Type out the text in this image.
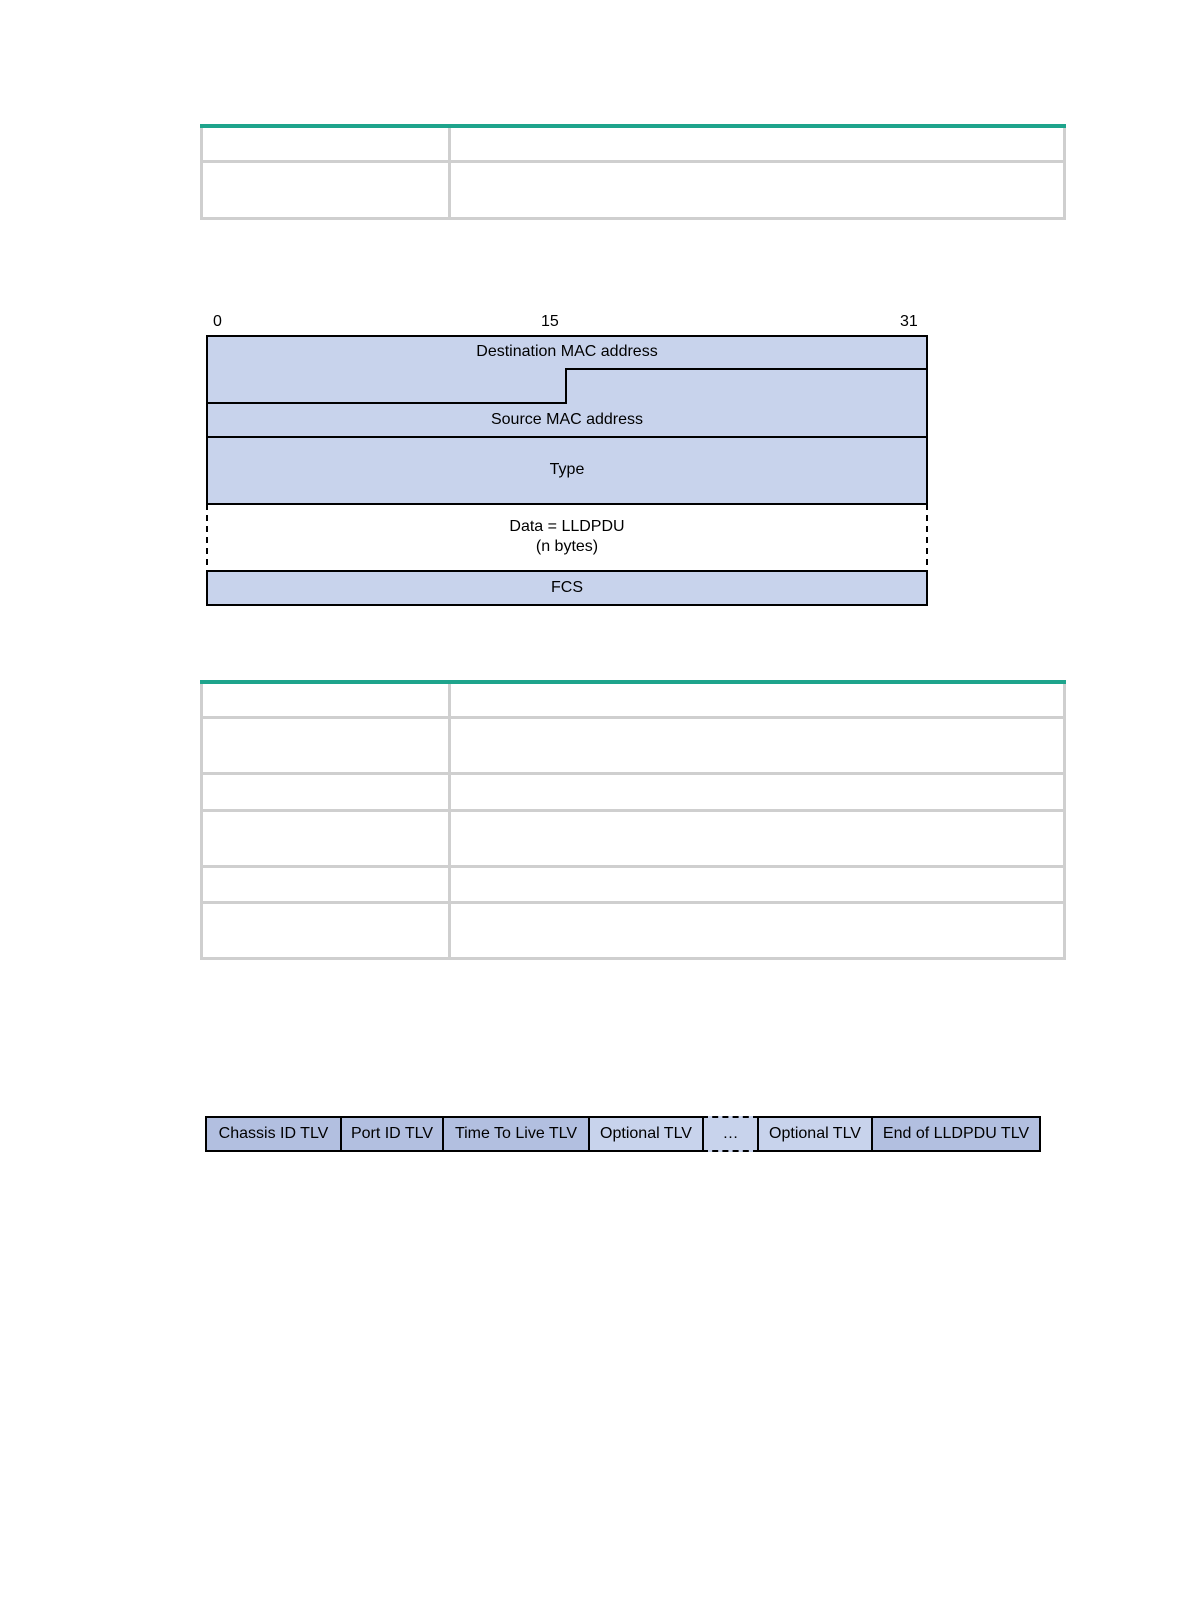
0	15	31
Destination MAC address
Source MAC address
Type
Data = LLDPDU
(n bytes)
FCS

Chassis ID TLV	Port ID TLV	Time To Live TLV	Optional TLV	…	Optional TLV	End of LLDPDU TLV
